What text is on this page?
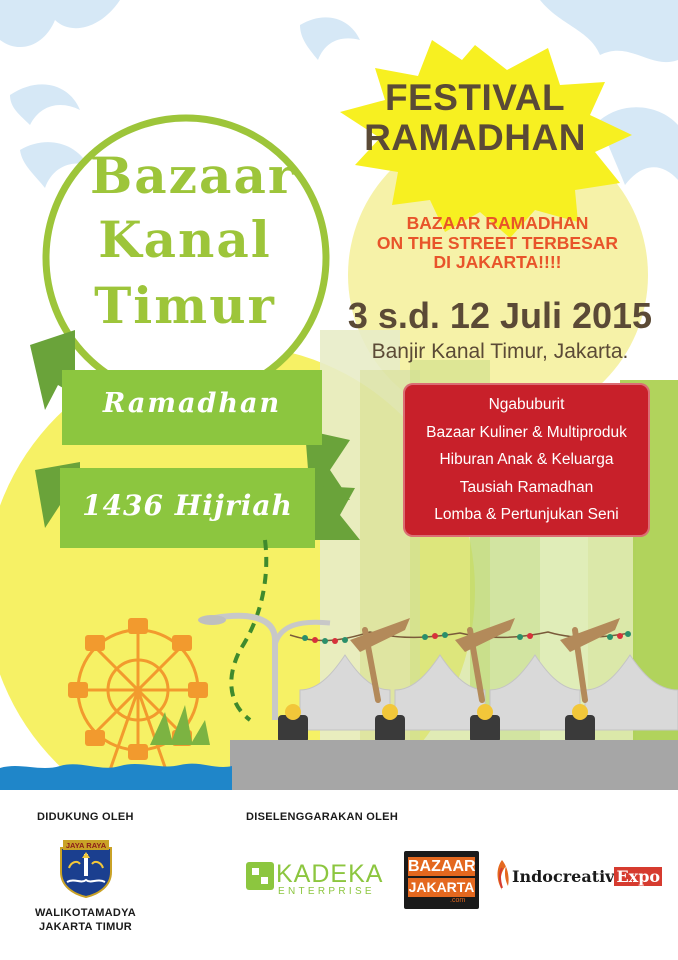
FESTIVAL
RAMADHAN
Bazaar
Kanal
Timur
Ramadhan
1436 Hijriah
BAZAAR RAMADHAN
ON THE STREET TERBESAR
DI JAKARTA!!!!
3 s.d. 12 Juli 2015
Banjir Kanal Timur, Jakarta.
Ngabuburit
Bazaar Kuliner & Multiproduk
Hiburan Anak & Keluarga
Tausiah Ramadhan
Lomba & Pertunjukan Seni
DIDUKUNG OLEH	DISELENGGARAKAN OLEH
JAYA RAYA
WALIKOTAMADYA
JAKARTA TIMUR
KADEKA
ENTERPRISE
BAZAAR
JAKARTA
.com
Indocreativ Expo
